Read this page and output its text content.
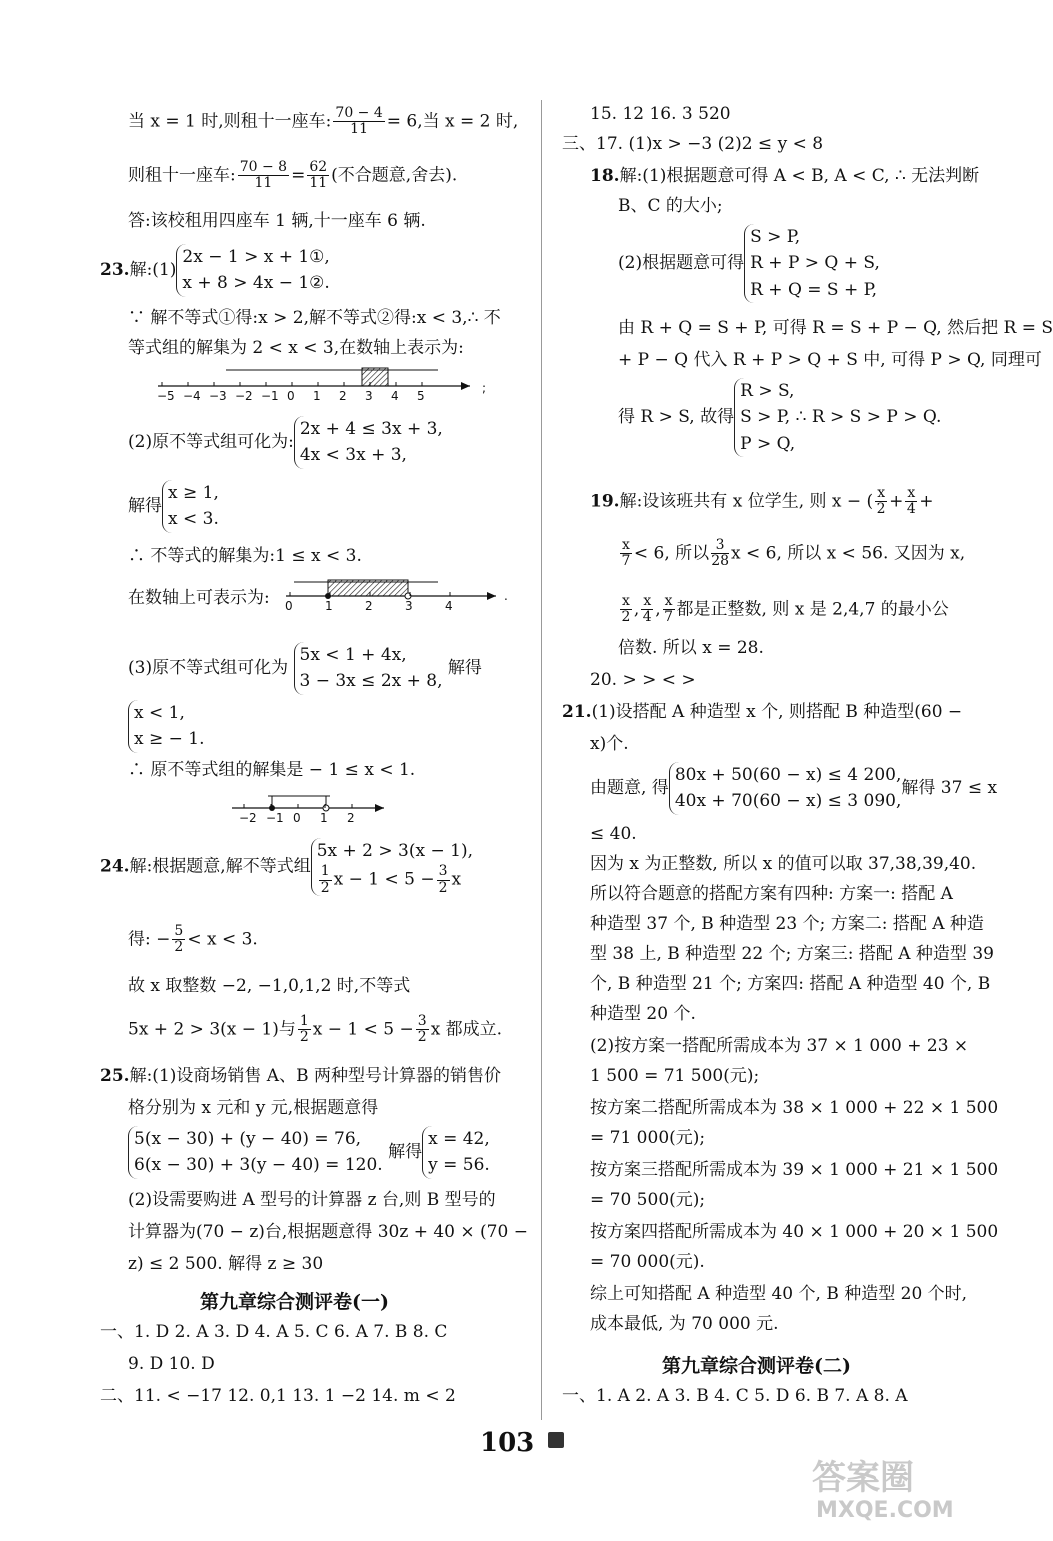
当 x = 1 时,则租十一座车: $\frac{70 - 4}{11} = 6$,当 x = 2 时,
则租十一座车: $\frac{70 - 8}{11} = \frac{62}{11}$ (不合题意,舍去).
答:该校租用四座车 1 辆,十一座车 6 辆.
23.解:(1)
2x − 1 > x + 1①,
x + 8 > 4x − 1②.
∵ 解不等式①得:x > 2,解不等式②得:x < 3,∴ 不
等式组的解集为 2 < x < 3,在数轴上表示为:
−5 −4 −3 −2 −1 0 1 2 3 4 5
;
(2)原不等式组可化为:
2x + 4 ≤ 3x + 3,
4x < 3x + 3,
解得
x ≥ 1,
x < 3.
∴ 不等式的解集为:1 ≤ x < 3.
在数轴上可表示为: 0	1	2	3	4
.
(3)原不等式组可化为
5x < 1 + 4x,
3 − 3x ≤ 2x + 8,
解得
x < 1,
x ≥ − 1.
∴ 原不等式组的解集是 − 1 ≤ x < 1.
−2 −1 0 1 2
24.解:根据题意,解不等式组
5x + 2 > 3(x − 1),
$\frac{1}{2}$ $x - 1 < 5 - \frac{3}{2}$ x
得: − $\frac{5}{2} < x < 3$.
故 x 取整数 −2, −1,0,1,2 时,不等式
5x + 2 > 3(x − 1)与 $\frac{1}{2}$ $x - 1 < 5 - \frac{3}{2}$ x 都成立.
25.解:(1)设商场销售 A、B 两种型号计算器的销售价
格分别为 x 元和 y 元,根据题意得
5(x − 30) + (y − 40) = 76,
6(x − 30) + 3(y − 40) = 120.
解得
x = 42,
y = 56.
(2)设需要购进 A 型号的计算器 z 台,则 B 型号的
计算器为(70 − z)台,根据题意得 30z + 40 × (70 −
z) ≤ 2 500. 解得 z ≥ 30
第九章综合测评卷(一)
一、1. D 2. A 3. D 4. A 5. C 6. A 7. B 8. C
9. D 10. D
二、11. < −17 12. 0,1 13. 1 −2 14. m < 2
15. 12 16. 3 520
三、17. (1)x > −3 (2)2 ≤ y < 8
18.解:(1)根据题意可得 A < B, A < C, ∴ 无法判断
B、C 的大小;
(2)根据题意可得
S > P,
R + P > Q + S,
R + Q = S + P,
由 R + Q = S + P, 可得 R = S + P − Q, 然后把 R = S
+ P − Q 代入 R + P > Q + S 中, 可得 P > Q, 同理可
得 R > S, 故得
R > S,
S > P, ∴ R > S > P > Q.
P > Q,
19.解:设该班共有 x 位学生, 则 x − ( $\frac{x}{2} + \frac{x}{4}$ +
$\frac{x}{7} < 6$, 所以 $\frac{3}{28}$ x < 6, 所以 x < 56. 又因为 x,
$\frac{x}{2}$ , $\frac{x}{4}$ , $\frac{x}{7}$ 都是正整数, 则 x 是 2,4,7 的最小公
倍数. 所以 x = 28.
20. > > < >
21.(1)设搭配 A 种造型 x 个, 则搭配 B 种造型(60 −
x)个.
由题意, 得
80x + 50(60 − x) ≤ 4 200,
40x + 70(60 − x) ≤ 3 090,
解得 37 ≤ x
≤ 40.
因为 x 为正整数, 所以 x 的值可以取 37,38,39,40.
所以符合题意的搭配方案有四种: 方案一: 搭配 A
种造型 37 个, B 种造型 23 个; 方案二: 搭配 A 种造
型 38 上, B 种造型 22 个; 方案三: 搭配 A 种造型 39
个, B 种造型 21 个; 方案四: 搭配 A 种造型 40 个, B
种造型 20 个.
(2)按方案一搭配所需成本为 37 × 1 000 + 23 ×
1 500 = 71 500(元);
按方案二搭配所需成本为 38 × 1 000 + 22 × 1 500
= 71 000(元);
按方案三搭配所需成本为 39 × 1 000 + 21 × 1 500
= 70 500(元);
按方案四搭配所需成本为 40 × 1 000 + 20 × 1 500
= 70 000(元).
综上可知搭配 A 种造型 40 个, B 种造型 20 个时,
成本最低, 为 70 000 元.
第九章综合测评卷(二)
一、1. A 2. A 3. B 4. C 5. D 6. B 7. A 8. A
103
答案圈
MXQE.COM
